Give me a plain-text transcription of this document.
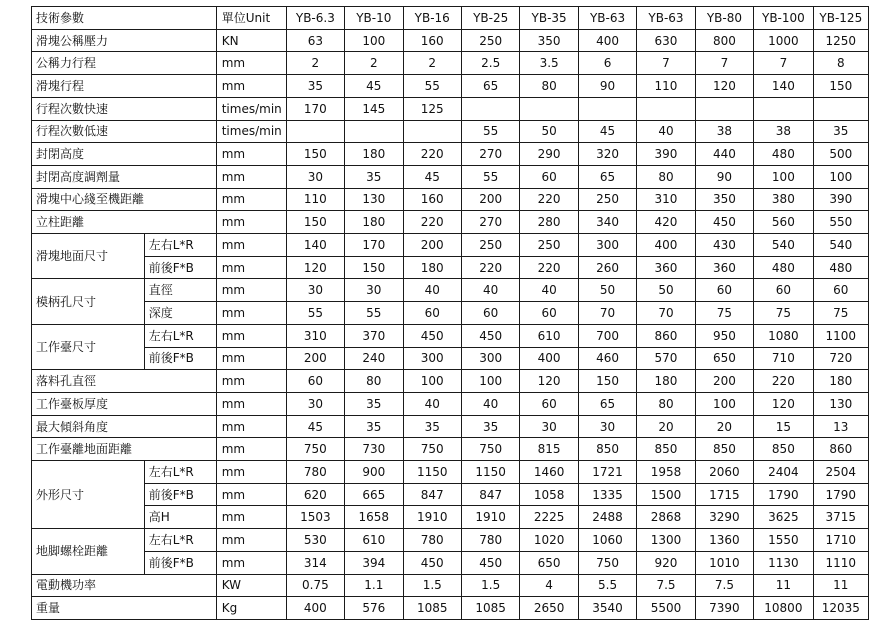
技術參數		單位Unit	YB-6.3	YB-10	YB-16	YB-25	YB-35	YB-63	YB-63	YB-80	YB-100	YB-125
滑塊公稱壓力		KN	63	100	160	250	350	400	630	800	1000	1250
公稱力行程		mm	2	2	2	2.5	3.5	6	7	7	7	8
滑塊行程		mm	35	45	55	65	80	90	110	120	140	150
行程次數快速		times/min	170	145	125							
行程次數低速		times/min				55	50	45	40	38	38	35
封閉高度		mm	150	180	220	270	290	320	390	440	480	500
封閉高度調劑量		mm	30	35	45	55	60	65	80	90	100	100
滑塊中心綫至機距離		mm	110	130	160	200	220	250	310	350	380	390
立柱距離		mm	150	180	220	270	280	340	420	450	560	550
滑塊地面尺寸	左右L*R	mm	140	170	200	250	250	300	400	430	540	540
	前後F*B	mm	120	150	180	220	220	260	360	360	480	480
模柄孔尺寸	直徑	mm	30	30	40	40	40	50	50	60	60	60
	深度	mm	55	55	60	60	60	70	70	75	75	75
工作臺尺寸	左右L*R	mm	310	370	450	450	610	700	860	950	1080	1100
	前後F*B	mm	200	240	300	300	400	460	570	650	710	720
落料孔直徑		mm	60	80	100	100	120	150	180	200	220	180
工作臺板厚度		mm	30	35	40	40	60	65	80	100	120	130
最大傾斜角度		mm	45	35	35	35	30	30	20	20	15	13
工作臺離地面距離		mm	750	730	750	750	815	850	850	850	850	860
外形尺寸	左右L*R	mm	780	900	1150	1150	1460	1721	1958	2060	2404	2504
	前後F*B	mm	620	665	847	847	1058	1335	1500	1715	1790	1790
	高H	mm	1503	1658	1910	1910	2225	2488	2868	3290	3625	3715
地脚螺栓距離	左右L*R	mm	530	610	780	780	1020	1060	1300	1360	1550	1710
	前後F*B	mm	314	394	450	450	650	750	920	1010	1130	1110
電動機功率		KW	0.75	1.1	1.5	1.5	4	5.5	7.5	7.5	11	11
重量		Kg	400	576	1085	1085	2650	3540	5500	7390	10800	12035
